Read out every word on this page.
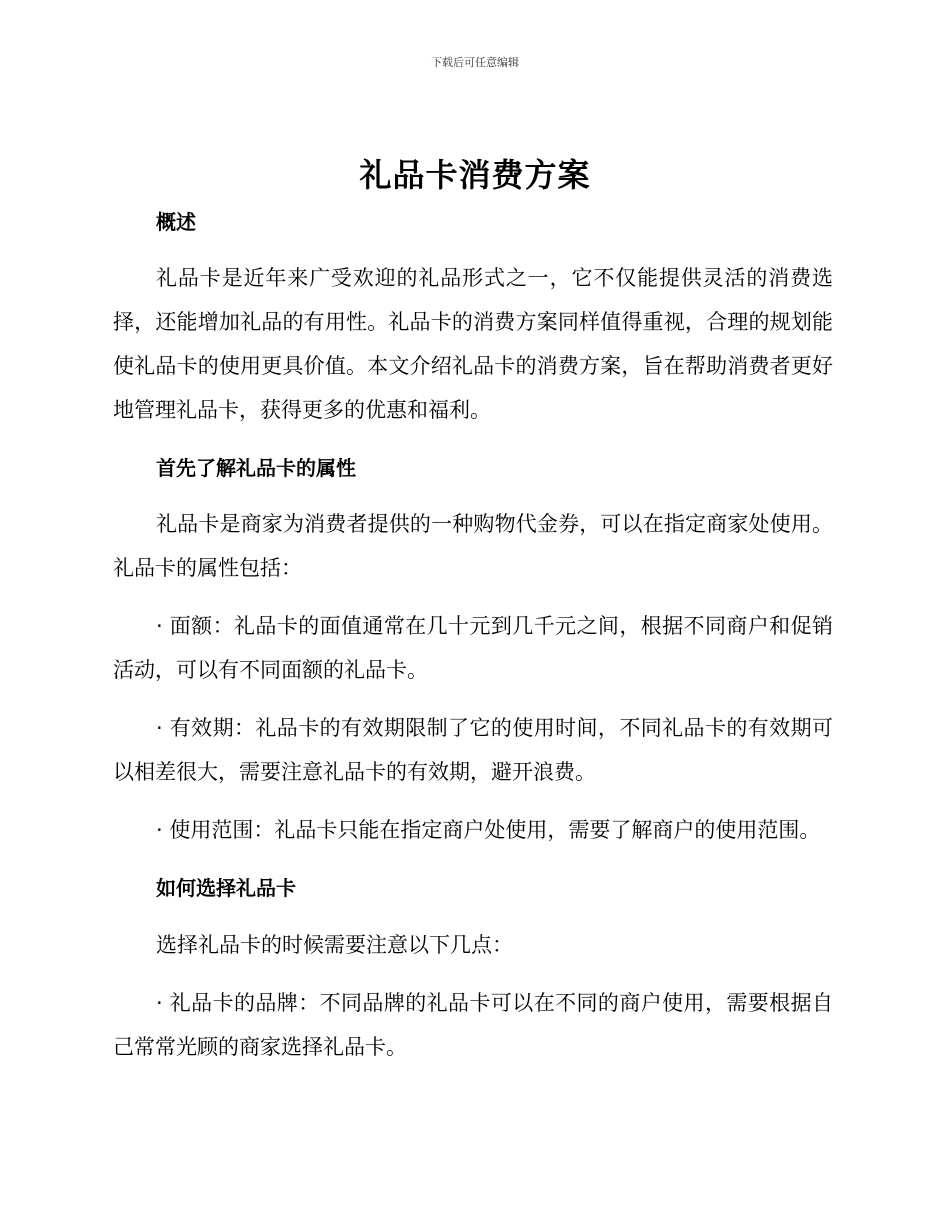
下载后可任意编辑
礼品卡消费方案
概述

礼品卡是近年来广受欢迎的礼品形式之一，它不仅能提供灵活的消费选择，还能增加礼品的有用性。礼品卡的消费方案同样值得重视，合理的规划能使礼品卡的使用更具价值。本文介绍礼品卡的消费方案，旨在帮助消费者更好地管理礼品卡，获得更多的优惠和福利。

首先了解礼品卡的属性

礼品卡是商家为消费者提供的一种购物代金券，可以在指定商家处使用。礼品卡的属性包括：

· 面额：礼品卡的面值通常在几十元到几千元之间，根据不同商户和促销活动，可以有不同面额的礼品卡。

· 有效期：礼品卡的有效期限制了它的使用时间，不同礼品卡的有效期可以相差很大，需要注意礼品卡的有效期，避开浪费。

· 使用范围：礼品卡只能在指定商户处使用，需要了解商户的使用范围。

如何选择礼品卡

选择礼品卡的时候需要注意以下几点：

· 礼品卡的品牌：不同品牌的礼品卡可以在不同的商户使用，需要根据自己常常光顾的商家选择礼品卡。
